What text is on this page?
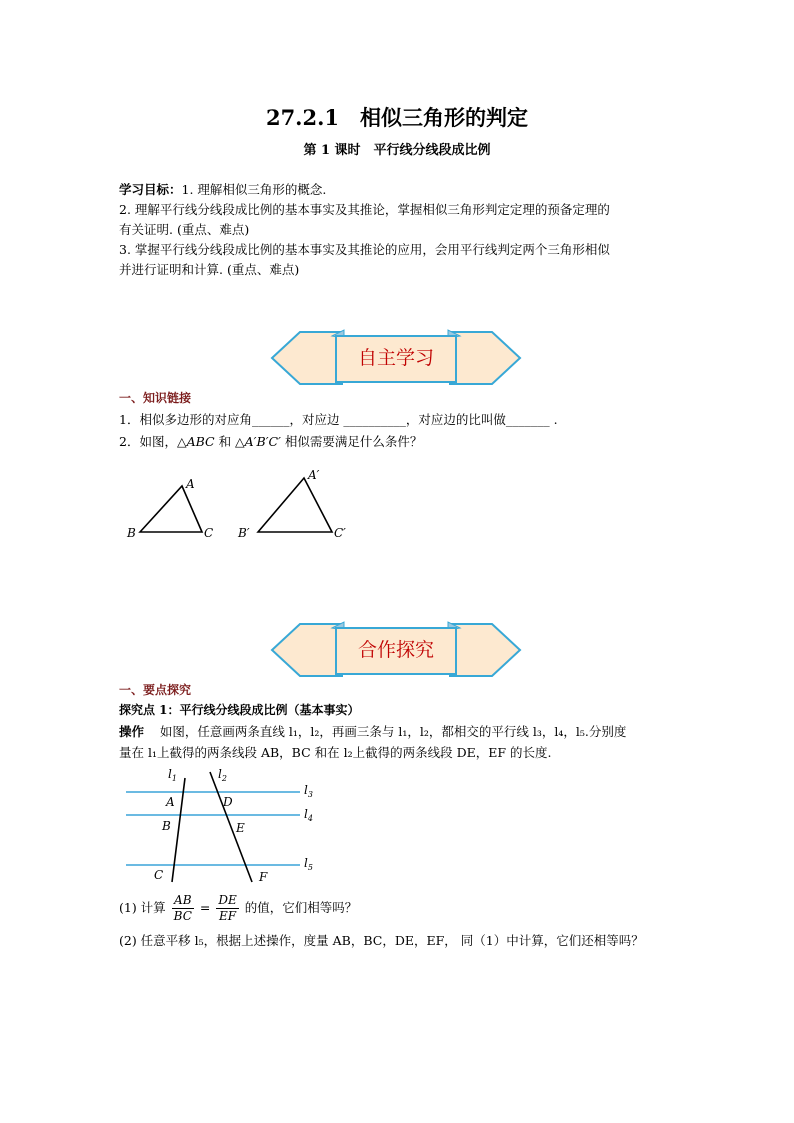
27.2.1　相似三角形的判定
第 1 课时　平行线分线段成比例
学习目标：1. 理解相似三角形的概念.
2. 理解平行线分线段成比例的基本事实及其推论，掌握相似三角形判定定理的预备定理的
有关证明. (重点、难点)
3. 掌握平行线分线段成比例的基本事实及其推论的应用，会用平行线判定两个三角形相似
并进行证明和计算. (重点、难点)
自主学习
一、知识链接
1．相似多边形的对应角______，对应边 __________，对应边的比叫做_______ .
2．如图，△ABC 和 △A′B′C′ 相似需要满足什么条件？
A
B	C
A′
B′	C′
合作探究
一、要点探究
探究点 1：平行线分线段成比例（基本事实）
操作 如图，任意画两条直线 l₁，l₂，再画三条与 l₁，l₂，都相交的平行线 l₃，l₄，l₅.分别度
量在 l₁上截得的两条线段 AB，BC 和在 l₂上截得的两条线段 DE，EF 的长度.
$l_1$	$l_2$
$l_3$
$l_4$
$l_5$
A	D
B	E
C	F
(1) 计算 $\frac{AB}{BC} = \frac{DE}{EF}$ 的值，它们相等吗？
(2) 任意平移 l₅，根据上述操作，度量 AB，BC，DE，EF， 同（1）中计算，它们还相等吗？
